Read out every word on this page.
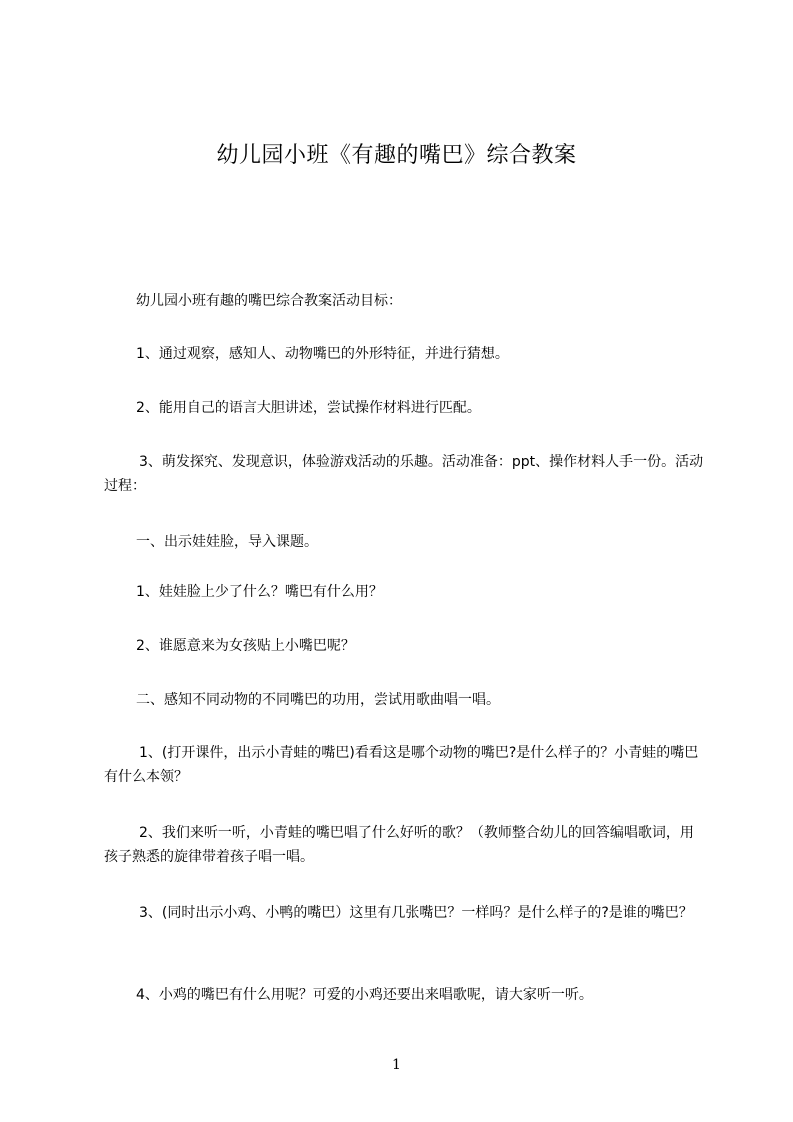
幼儿园小班《有趣的嘴巴》综合教案

幼儿园小班有趣的嘴巴综合教案活动目标：

1、通过观察，感知人、动物嘴巴的外形特征，并进行猜想。

2、能用自己的语言大胆讲述，尝试操作材料进行匹配。

3、萌发探究、发现意识，体验游戏活动的乐趣。活动准备：ppt、操作材料人手一份。活动过程：

一、出示娃娃脸，导入课题。

1、娃娃脸上少了什么？嘴巴有什么用？

2、谁愿意来为女孩贴上小嘴巴呢？

二、感知不同动物的不同嘴巴的功用，尝试用歌曲唱一唱。

1、(打开课件，出示小青蛙的嘴巴)看看这是哪个动物的嘴巴?是什么样子的？小青蛙的嘴巴有什么本领？

2、我们来听一听，小青蛙的嘴巴唱了什么好听的歌？（教师整合幼儿的回答编唱歌词，用孩子熟悉的旋律带着孩子唱一唱。

3、(同时出示小鸡、小鸭的嘴巴）这里有几张嘴巴？一样吗？是什么样子的?是谁的嘴巴？

4、小鸡的嘴巴有什么用呢？可爱的小鸡还要出来唱歌呢，请大家听一听。

1
